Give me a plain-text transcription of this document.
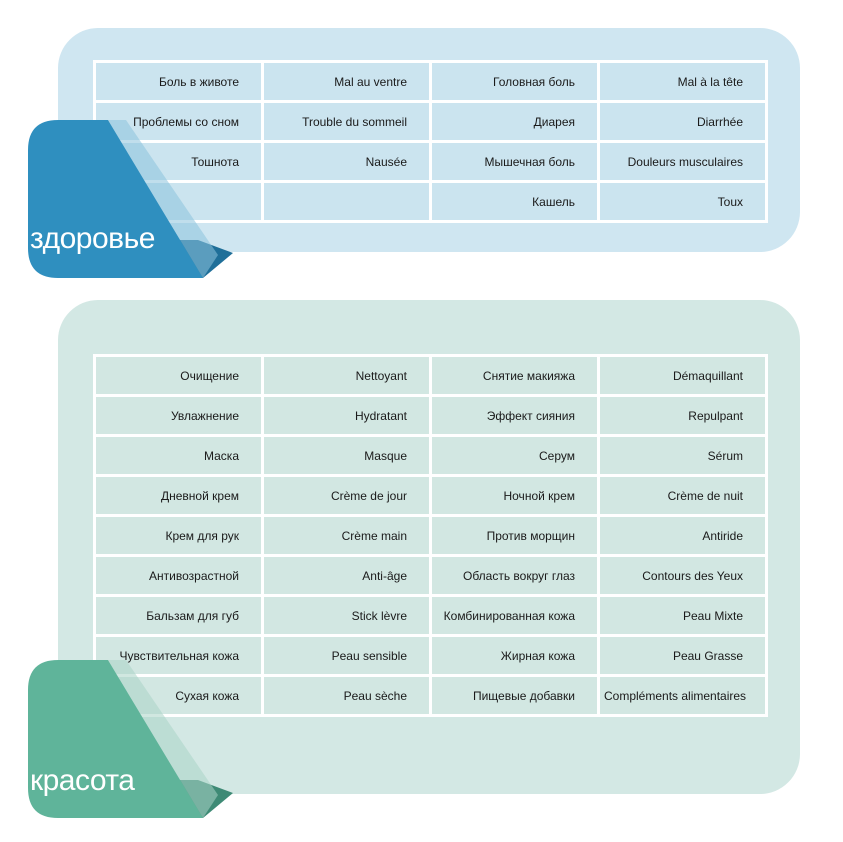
Боль в животе	Mal au ventre	Головная боль	Mal à la tête
Проблемы со сном	Trouble du sommeil	Диарея	Diarrhée
Тошнота	Nausée	Мышечная боль	Douleurs musculaires
		Кашель	Toux
здоровье
Очищение	Nettoyant	Снятие макияжа	Démaquillant
Увлажнение	Hydratant	Эффект сияния	Repulpant
Маска	Masque	Серум	Sérum
Дневной крем	Crème de jour	Ночной крем	Crème de nuit
Крем для рук	Crème main	Против морщин	Antiride
Антивозрастной	Anti-âge	Область вокруг глаз	Contours des Yeux
Бальзам для губ	Stick lèvre	Комбинированная кожа	Peau Mixte
Чувствительная кожа	Peau sensible	Жирная кожа	Peau Grasse
Сухая кожа	Peau sèche	Пищевые добавки	Compléments alimentaires
красота
